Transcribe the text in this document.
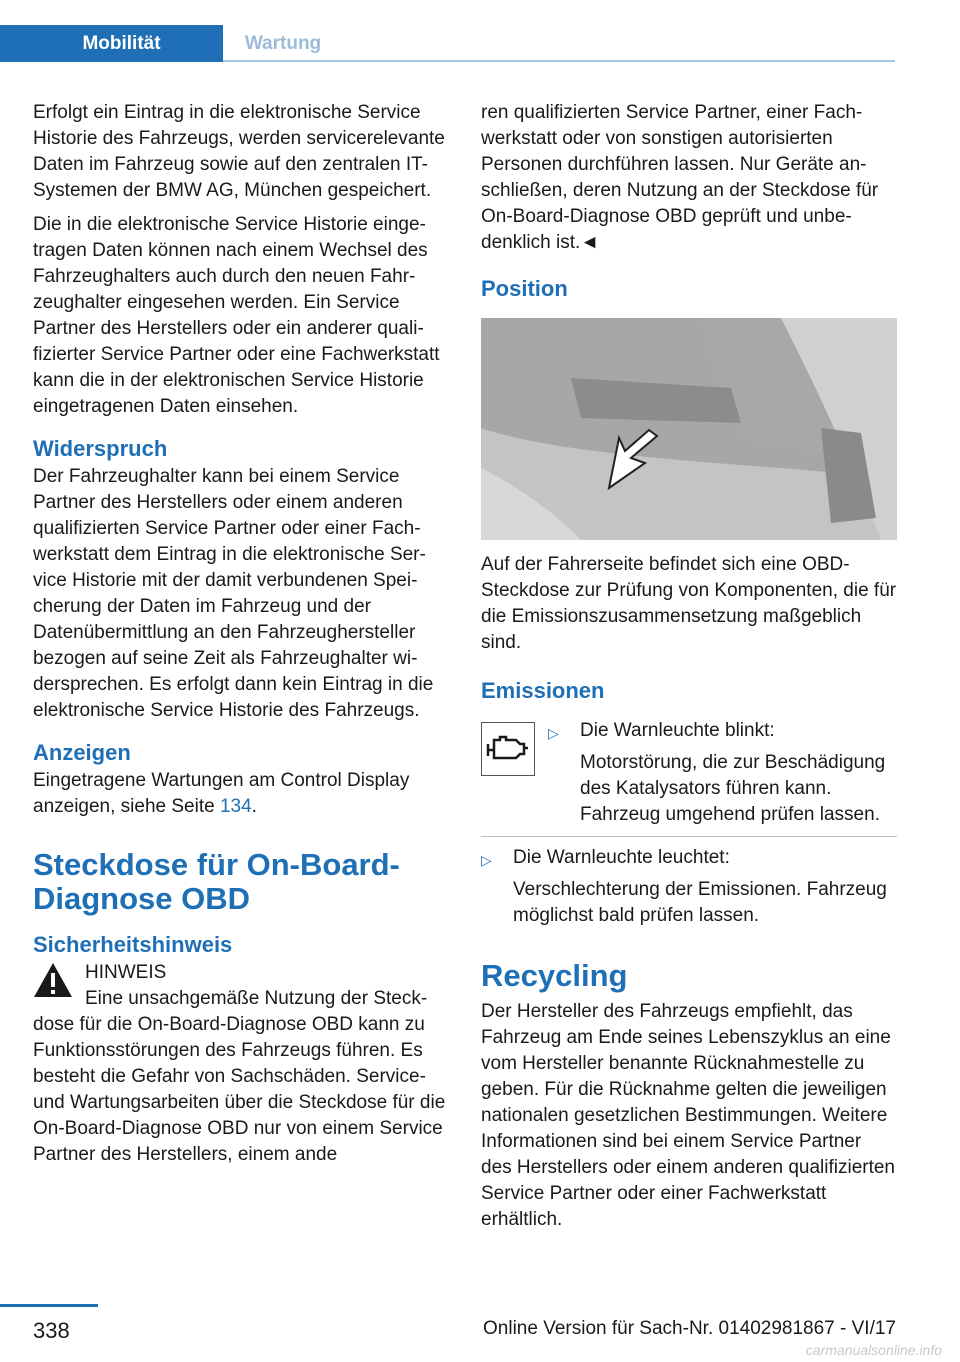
Mobilität	Wartung

Erfolgt ein Eintrag in die elektronische Service Historie des Fahrzeugs, werden servicerelevante Daten im Fahrzeug sowie auf den zentralen IT-Systemen der BMW AG, München gespeichert.

Die in die elektronische Service Historie eingetragen Daten können nach einem Wechsel des Fahrzeughalters auch durch den neuen Fahrzeughalter eingesehen werden. Ein Service Partner des Herstellers oder ein anderer qualifizierter Service Partner oder eine Fachwerkstatt kann die in der elektronischen Service Historie eingetragenen Daten einsehen.

Widerspruch

Der Fahrzeughalter kann bei einem Service Partner des Herstellers oder einem anderen qualifizierten Service Partner oder einer Fachwerkstatt dem Eintrag in die elektronische Service Historie mit der damit verbundenen Speicherung der Daten im Fahrzeug und der Datenübermittlung an den Fahrzeughersteller bezogen auf seine Zeit als Fahrzeughalter widersprechen. Es erfolgt dann kein Eintrag in die elektronische Service Historie des Fahrzeugs.

Anzeigen

Eingetragene Wartungen am Control Display anzeigen, siehe Seite 134.

Steckdose für On-Board-Diagnose OBD
Sicherheitshinweis
HINWEIS

Eine unsachgemäße Nutzung der Steckdose für die On-Board-Diagnose OBD kann zu Funktionsstörungen des Fahrzeugs führen. Es besteht die Gefahr von Sachschäden. Service- und Wartungsarbeiten über die Steckdose für die On-Board-Diagnose OBD nur von einem Service Partner des Herstellers, einem ande

ren qualifizierten Service Partner, einer Fachwerkstatt oder von sonstigen autorisierten Personen durchführen lassen. Nur Geräte anschließen, deren Nutzung an der Steckdose für On-Board-Diagnose OBD geprüft und unbedenklich ist.◄

Position

Auf der Fahrerseite befindet sich eine OBD-Steckdose zur Prüfung von Komponenten, die für die Emissionszusammensetzung maßgeblich sind.

Emissionen
▷	Die Warnleuchte blinkt:
Motorstörung, die zur Beschädigung des Katalysators führen kann. Fahrzeug umgehend prüfen lassen.
▷	Die Warnleuchte leuchtet:
Verschlechterung der Emissionen. Fahrzeug möglichst bald prüfen lassen.
Recycling

Der Hersteller des Fahrzeugs empfiehlt, das Fahrzeug am Ende seines Lebenszyklus an eine vom Hersteller benannte Rücknahmestelle zu geben. Für die Rücknahme gelten die jeweiligen nationalen gesetzlichen Bestimmungen. Weitere Informationen sind bei einem Service Partner des Herstellers oder einem anderen qualifizierten Service Partner oder einer Fachwerkstatt erhältlich.

338	Online Version für Sach-Nr. 01402981867 - VI/17
carmanualsonline.info
